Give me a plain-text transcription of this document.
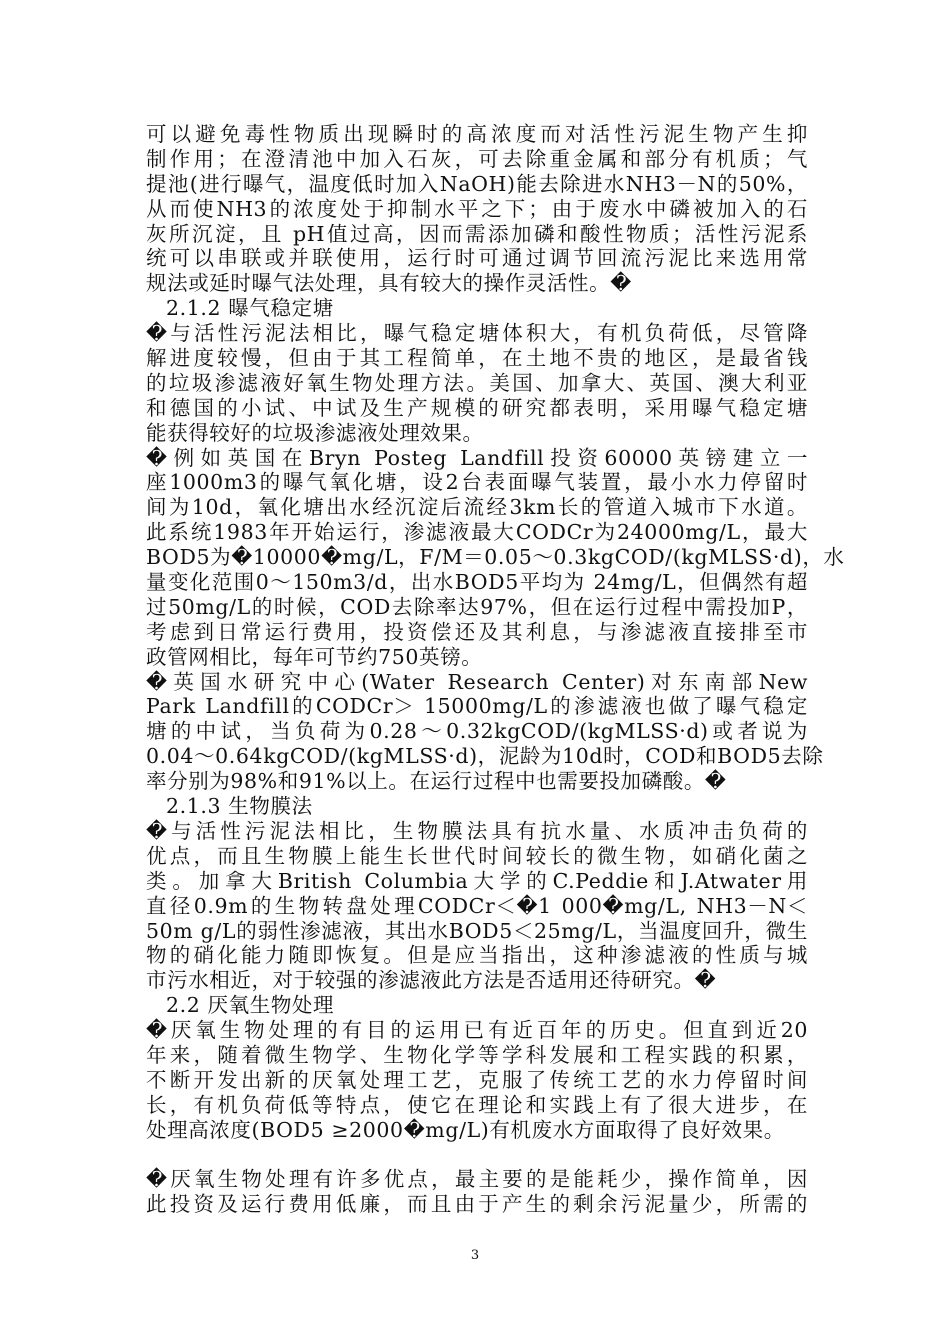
可以避免毒性物质出现瞬时的高浓度而对活性污泥生物产生抑
制作用；在澄清池中加入石灰，可去除重金属和部分有机质；气
提池(进行曝气，温度低时加入NaOH)能去除进水NH3－N的50%，
从而使NH3的浓度处于抑制水平之下；由于废水中磷被加入的石
灰所沉淀，且 pH值过高，因而需添加磷和酸性物质；活性污泥系
统可以串联或并联使用，运行时可通过调节回流污泥比来选用常
规法或延时曝气法处理，具有较大的操作灵活性。�
2.1.2 曝气稳定塘
�与活性污泥法相比，曝气稳定塘体积大，有机负荷低，尽管降
解进度较慢，但由于其工程简单，在土地不贵的地区，是最省钱
的垃圾渗滤液好氧生物处理方法。美国、加拿大、英国、澳大利亚
和德国的小试、中试及生产规模的研究都表明，采用曝气稳定塘
能获得较好的垃圾渗滤液处理效果。
�例如英国在Bryn Posteg Landfill投资60000英镑建立一
座1000m3的曝气氧化塘，设2台表面曝气装置，最小水力停留时
间为10d，氧化塘出水经沉淀后流经3km长的管道入城市下水道。
此系统1983年开始运行，渗滤液最大CODCr为24000mg/L，最大
BOD5为�10000�mg/L，F/M＝0.05～0.3kgCOD/(kgMLSS·d)，水
量变化范围0～150m3/d，出水BOD5平均为 24mg/L，但偶然有超
过50mg/L的时候，COD去除率达97%，但在运行过程中需投加P，
考虑到日常运行费用，投资偿还及其利息，与渗滤液直接排至市
政管网相比，每年可节约750英镑。
�英国水研究中心(Water Research Center)对东南部New
Park Landfill的CODCr＞ 15000mg/L的渗滤液也做了曝气稳定
塘的中试，当负荷为0.28～0.32kgCOD/(kgMLSS·d)或者说为
0.04～0.64kgCOD/(kgMLSS·d)，泥龄为10d时，COD和BOD5去除
率分别为98%和91%以上。在运行过程中也需要投加磷酸。�
2.1.3 生物膜法
�与活性污泥法相比，生物膜法具有抗水量、水质冲击负荷的
优点，而且生物膜上能生长世代时间较长的微生物，如硝化菌之
类。加拿大British Columbia大学的C.Peddie和J.Atwater用
直径0.9m的生物转盘处理CODCr＜�1 000�mg/L, NH3－N＜
50m g/L的弱性渗滤液，其出水BOD5＜25mg/L，当温度回升，微生
物的硝化能力随即恢复。但是应当指出，这种渗滤液的性质与城
市污水相近，对于较强的渗滤液此方法是否适用还待研究。�
2.2 厌氧生物处理
�厌氧生物处理的有目的运用已有近百年的历史。但直到近20
年来，随着微生物学、生物化学等学科发展和工程实践的积累，
不断开发出新的厌氧处理工艺，克服了传统工艺的水力停留时间
长，有机负荷低等特点，使它在理论和实践上有了很大进步，在
处理高浓度(BOD5 ≥2000�mg/L)有机废水方面取得了良好效果。
�厌氧生物处理有许多优点，最主要的是能耗少，操作简单，因
此投资及运行费用低廉，而且由于产生的剩余污泥量少，所需的
3
